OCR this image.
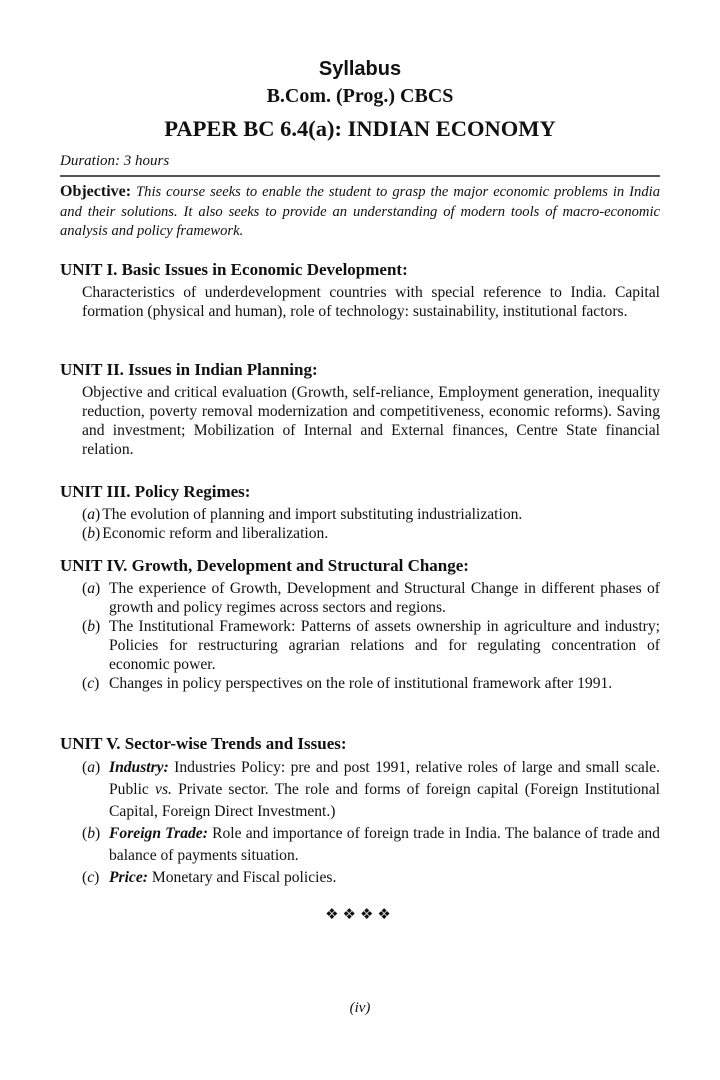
Syllabus
B.Com. (Prog.) CBCS
PAPER BC 6.4(a): INDIAN ECONOMY
Duration: 3 hours
Objective: This course seeks to enable the student to grasp the major economic problems in India and their solutions. It also seeks to provide an understanding of modern tools of macro-economic analysis and policy framework.
UNIT I. Basic Issues in Economic Development:
Characteristics of underdevelopment countries with special reference to India. Capital formation (physical and human), role of technology: sustainability, institutional factors.
UNIT II. Issues in Indian Planning:
Objective and critical evaluation (Growth, self-reliance, Employment generation, inequality reduction, poverty removal modernization and competitiveness, economic reforms). Saving and investment; Mobilization of Internal and External finances, Centre State financial relation.
UNIT III. Policy Regimes:
(a) The evolution of planning and import substituting industrialization.
(b) Economic reform and liberalization.
UNIT IV. Growth, Development and Structural Change:
(a) The experience of Growth, Development and Structural Change in different phases of growth and policy regimes across sectors and regions.
(b) The Institutional Framework: Patterns of assets ownership in agriculture and industry; Policies for restructuring agrarian relations and for regulating concentration of economic power.
(c) Changes in policy perspectives on the role of institutional framework after 1991.
UNIT V. Sector-wise Trends and Issues:
(a) Industry: Industries Policy: pre and post 1991, relative roles of large and small scale. Public vs. Private sector. The role and forms of foreign capital (Foreign Institutional Capital, Foreign Direct Investment.)
(b) Foreign Trade: Role and importance of foreign trade in India. The balance of trade and balance of payments situation.
(c) Price: Monetary and Fiscal policies.
❖❖❖❖
(iv)
